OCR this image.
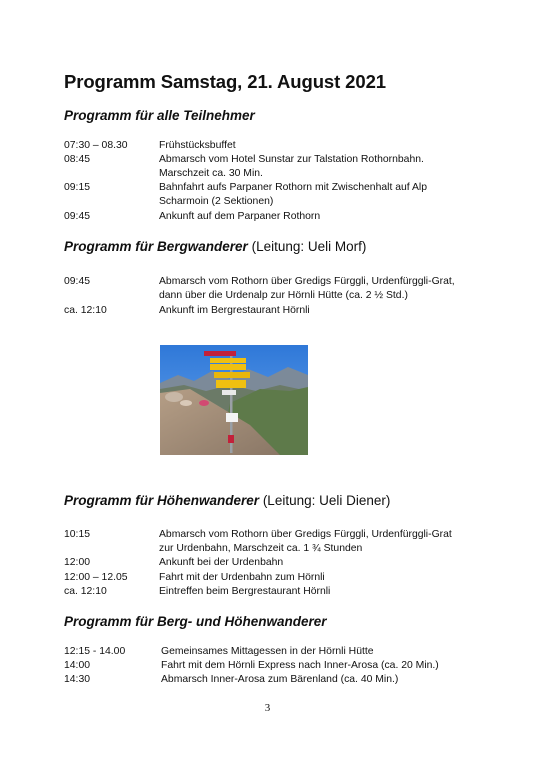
Programm Samstag, 21. August 2021
Programm für alle Teilnehmer
07:30 – 08.30	Frühstücksbuffet
08:45	Abmarsch vom Hotel Sunstar zur Talstation Rothornbahn.
Marschzeit ca. 30 Min.
09:15	Bahnfahrt aufs Parpaner Rothorn mit Zwischenhalt auf Alp
Scharmoin (2 Sektionen)
09:45	Ankunft auf dem Parpaner Rothorn
Programm für Bergwanderer (Leitung: Ueli Morf)
09:45	Abmarsch vom Rothorn über Gredigs Fürggli, Urdenfürggli-Grat,
dann über die Urdenalp zur Hörnli Hütte (ca. 2 ½ Std.)
ca. 12:10	Ankunft im Bergrestaurant Hörnli
Programm für Höhenwanderer (Leitung: Ueli Diener)
10:15	Abmarsch vom Rothorn über Gredigs Fürggli, Urdenfürggli-Grat
zur Urdenbahn, Marschzeit ca. 1 ¾ Stunden
12:00	Ankunft bei der Urdenbahn
12:00 – 12.05	Fahrt mit der Urdenbahn zum Hörnli
ca. 12:10	Eintreffen beim Bergrestaurant Hörnli
Programm für Berg- und Höhenwanderer
12:15 - 14.00	Gemeinsames Mittagessen in der Hörnli Hütte
14:00	Fahrt mit dem Hörnli Express nach Inner-Arosa (ca. 20 Min.)
14:30	Abmarsch Inner-Arosa zum Bärenland (ca. 40 Min.)
3
